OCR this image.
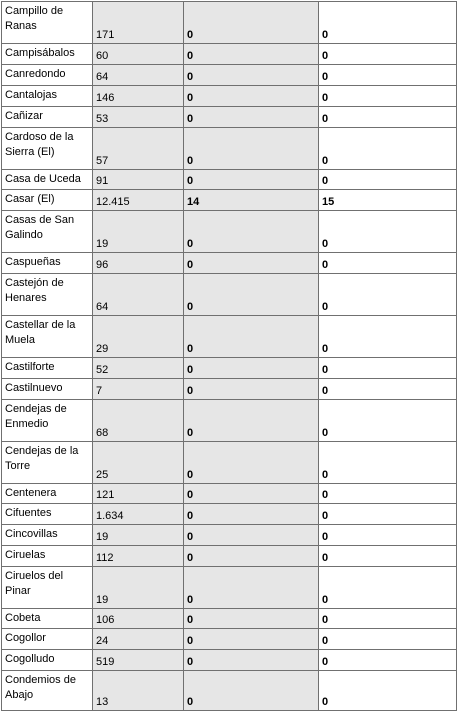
Campillo de Ranas	171	0	0
Campisábalos	60	0	0
Canredondo	64	0	0
Cantalojas	146	0	0
Cañizar	53	0	0
Cardoso de la Sierra (El)	57	0	0
Casa de Uceda	91	0	0
Casar (El)	12.415	14	15
Casas de San Galindo	19	0	0
Caspueñas	96	0	0
Castejón de Henares	64	0	0
Castellar de la Muela	29	0	0
Castilforte	52	0	0
Castilnuevo	7	0	0
Cendejas de Enmedio	68	0	0
Cendejas de la Torre	25	0	0
Centenera	121	0	0
Cifuentes	1.634	0	0
Cincovillas	19	0	0
Ciruelas	112	0	0
Ciruelos del Pinar	19	0	0
Cobeta	106	0	0
Cogollor	24	0	0
Cogolludo	519	0	0
Condemios de Abajo	13	0	0
